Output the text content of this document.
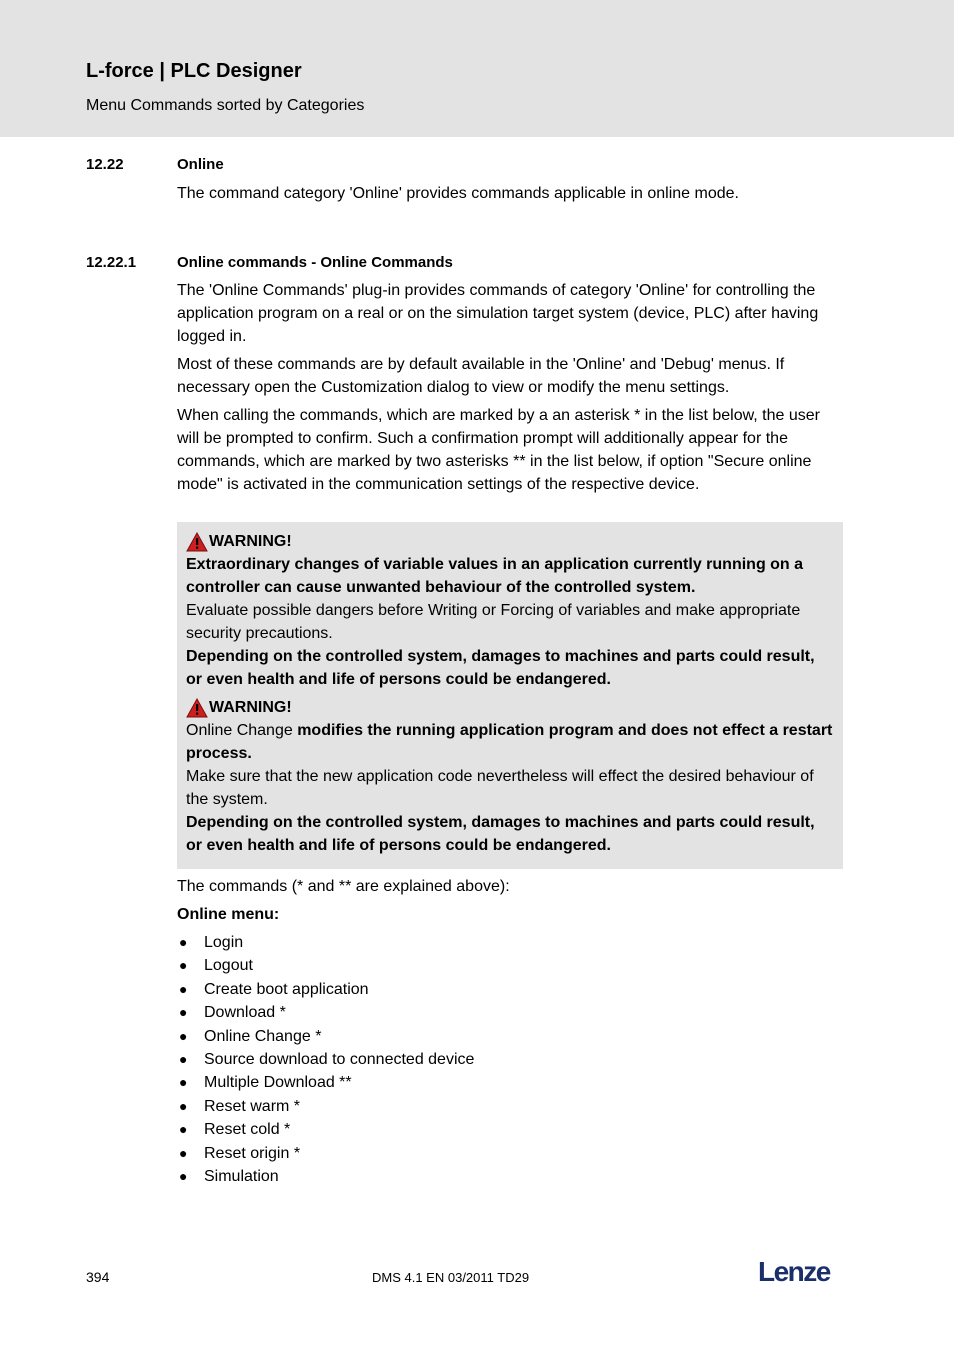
L-force | PLC Designer
Menu Commands sorted by Categories
12.22	Online

The command category 'Online' provides commands applicable in online mode.

12.22.1	Online commands - Online Commands

The 'Online Commands' plug-in provides commands of category 'Online' for controlling the application program on a real or on the simulation target system (device, PLC) after having logged in.

Most of these commands are by default available in the 'Online' and 'Debug' menus. If necessary open the Customization dialog to view or modify the menu settings.

When calling the commands, which are marked by a an asterisk * in the list below, the user will be prompted to confirm. Such a confirmation prompt will additionally appear for the commands, which are marked by two asterisks ** in the list below, if option "Secure online mode" is activated in the communication settings of the respective device.

WARNING!

Extraordinary changes of variable values in an application currently running on a controller can cause unwanted behaviour of the controlled system.

Evaluate possible dangers before Writing or Forcing of variables and make appropriate security precautions.

Depending on the controlled system, damages to machines and parts could result, or even health and life of persons could be endangered.

WARNING!

Online Change modifies the running application program and does not effect a restart process.

Make sure that the new application code nevertheless will effect the desired behaviour of the system.

Depending on the controlled system, damages to machines and parts could result, or even health and life of persons could be endangered.

The commands (* and ** are explained above):

Online menu:

● Login
● Logout
● Create boot application
● Download *
● Online Change *
● Source download to connected device
● Multiple Download **
● Reset warm *
● Reset cold *
● Reset origin *
● Simulation
394	DMS 4.1 EN 03/2011 TD29	Lenze
